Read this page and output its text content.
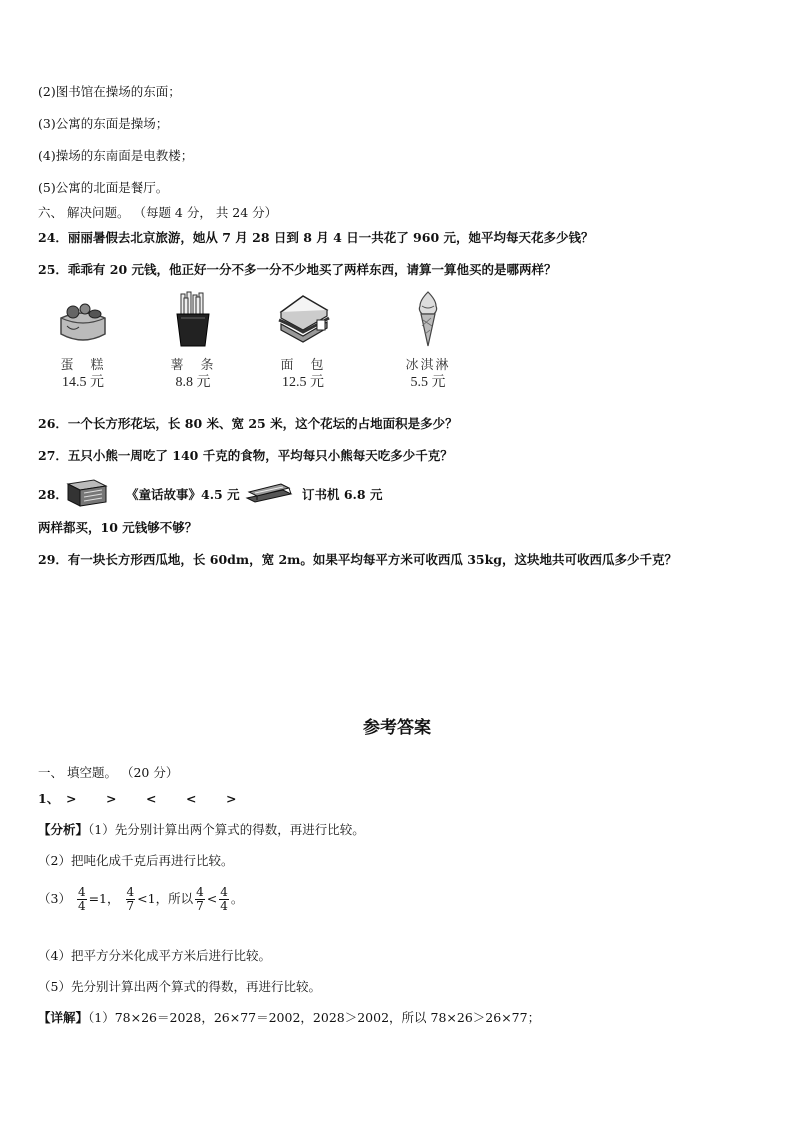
(2)图书馆在操场的东面；
(3)公寓的东面是操场；
(4)操场的东南面是电教楼；
(5)公寓的北面是餐厅。
六、 解决问题。 （每题 4 分， 共 24 分）
24．丽丽暑假去北京旅游，她从 7 月 28 日到 8 月 4 日一共花了 960 元，她平均每天花多少钱？
25．乖乖有 20 元钱，他正好一分不多一分不少地买了两样东西，请算一算他买的是哪两样？
蛋　糕
14.5 元
薯　条
8.8 元
面　包
12.5 元
冰淇淋
5.5 元
26．一个长方形花坛，长 80 米、宽 25 米，这个花坛的占地面积是多少？
27．五只小熊一周吃了 140 千克的食物，平均每只小熊每天吃多少千克？
28．	《童话故事》4.5 元	订书机 6.8 元
两样都买，10 元钱够不够？
29．有一块长方形西瓜地，长 60dm，宽 2m。如果平均每平方米可收西瓜 35kg，这块地共可收西瓜多少千克？
参考答案
一、 填空题。 （20 分）
1、 > > < < >
【分析】（1）先分别计算出两个算式的得数，再进行比较。
（2）把吨化成千克后再进行比较。
$(3) \frac{4}{4} =1$， $\frac{4}{7} <1$，所以 $\frac{4}{7} < \frac{4}{4}$ 。
（4）把平方分米化成平方米后进行比较。
（5）先分别计算出两个算式的得数，再进行比较。
【详解】（1）78×26＝2028，26×77＝2002，2028＞2002，所以 78×26＞26×77；
